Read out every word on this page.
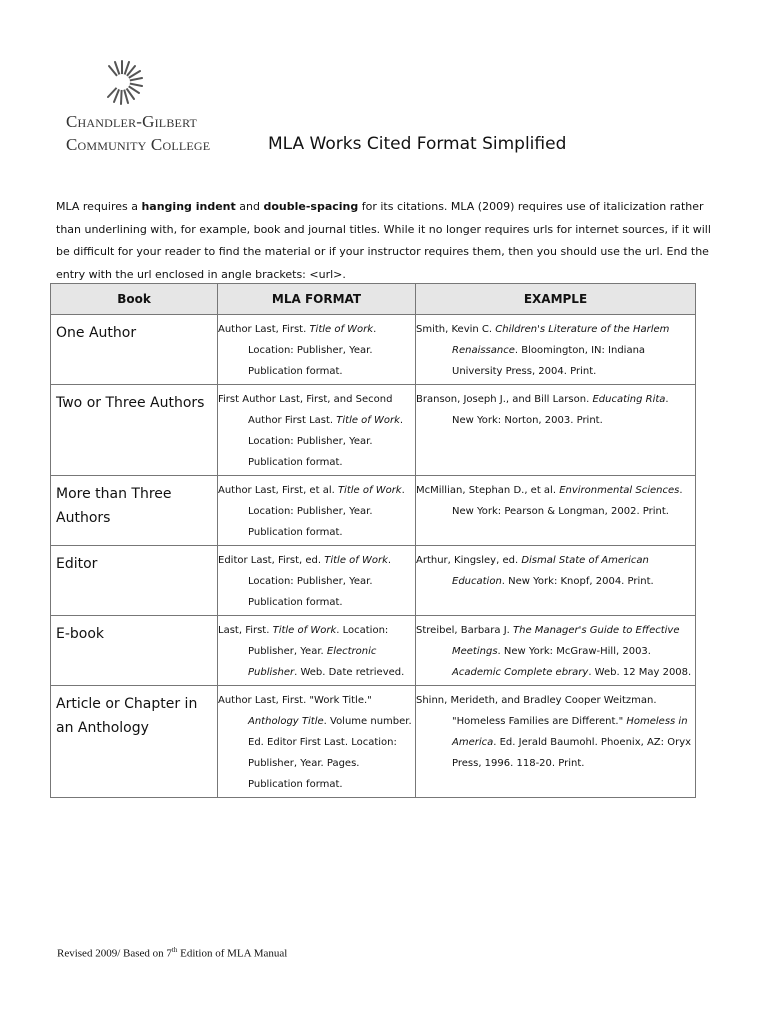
Chandler-Gilbert
Community College	MLA Works Cited Format Simplified
MLA requires a hanging indent and double-spacing for its citations. MLA (2009) requires use of italicization rather than underlining with, for example, book and journal titles. While it no longer requires urls for internet sources, if it will be difficult for your reader to find the material or if your instructor requires them, then you should use the url. End the entry with the url enclosed in angle brackets: <url>.
Book	MLA FORMAT	EXAMPLE
One Author	Author Last, First. Title of Work. Location: Publisher, Year. Publication format.	Smith, Kevin C. Children's Literature of the Harlem Renaissance. Bloomington, IN: Indiana University Press, 2004. Print.
Two or Three Authors	First Author Last, First, and Second Author First Last. Title of Work. Location: Publisher, Year. Publication format.	Branson, Joseph J., and Bill Larson. Educating Rita. New York: Norton, 2003. Print.
More than Three Authors	Author Last, First, et al. Title of Work. Location: Publisher, Year. Publication format.	McMillian, Stephan D., et al. Environmental Sciences. New York: Pearson & Longman, 2002. Print.
Editor	Editor Last, First, ed. Title of Work. Location: Publisher, Year. Publication format.	Arthur, Kingsley, ed. Dismal State of American Education. New York: Knopf, 2004. Print.
E-book	Last, First. Title of Work. Location: Publisher, Year. Electronic Publisher. Web. Date retrieved.	Streibel, Barbara J. The Manager's Guide to Effective Meetings. New York: McGraw-Hill, 2003. Academic Complete ebrary. Web. 12 May 2008.
Article or Chapter in an Anthology	Author Last, First. "Work Title." Anthology Title. Volume number. Ed. Editor First Last. Location: Publisher, Year. Pages. Publication format.	Shinn, Merideth, and Bradley Cooper Weitzman. "Homeless Families are Different." Homeless in America. Ed. Jerald Baumohl. Phoenix, AZ: Oryx Press, 1996. 118-20. Print.
Revised 2009/ Based on 7th Edition of MLA Manual
